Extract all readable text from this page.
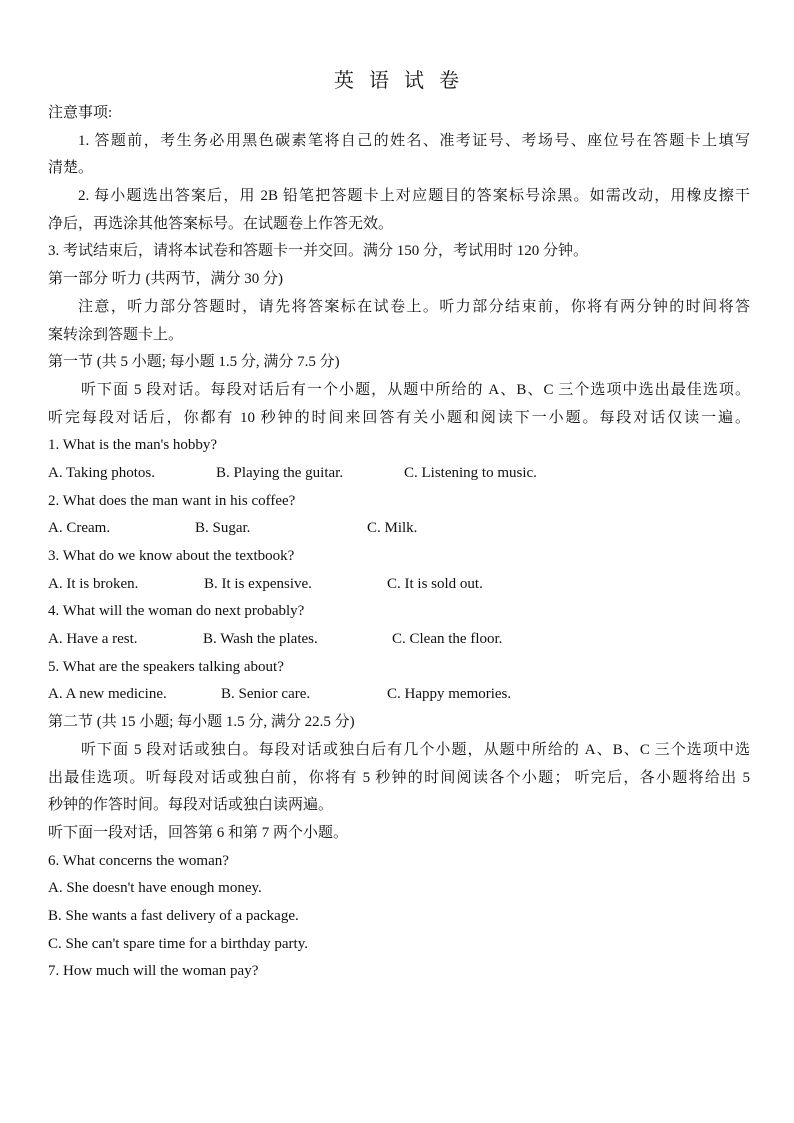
英 语 试 卷
注意事项:
1. 答题前，考生务必用黑色碳素笔将自己的姓名、准考证号、考场号、座位号在答题卡上填写
清楚。
2. 每小题选出答案后，用 2B 铅笔把答题卡上对应题目的答案标号涂黑。如需改动，用橡皮擦干
净后，再选涂其他答案标号。在试题卷上作答无效。
3. 考试结束后，请将本试卷和答题卡一并交回。满分 150 分，考试用时 120 分钟。
第一部分 听力 (共两节，满分 30 分)
注意，听力部分答题时，请先将答案标在试卷上。听力部分结束前，你将有两分钟的时间将答
案转涂到答题卡上。
第一节 (共 5 小题; 每小题 1.5 分, 满分 7.5 分)
听下面 5 段对话。每段对话后有一个小题，从题中所给的 A、B、C 三个选项中选出最佳选项。
听完每段对话后，你都有 10 秒钟的时间来回答有关小题和阅读下一小题。每段对话仅读一遍。
1. What is the man's hobby?
A. Taking photos.	B. Playing the guitar.	C. Listening to music.
2. What does the man want in his coffee?
A. Cream.	B. Sugar.	C. Milk.
3. What do we know about the textbook?
A. It is broken.	B. It is expensive.	C. It is sold out.
4. What will the woman do next probably?
A. Have a rest.	B. Wash the plates.	C. Clean the floor.
5. What are the speakers talking about?
A. A new medicine.	B. Senior care.	C. Happy memories.
第二节 (共 15 小题; 每小题 1.5 分, 满分 22.5 分)
听下面 5 段对话或独白。每段对话或独白后有几个小题，从题中所给的 A、B、C 三个选项中选
出最佳选项。听每段对话或独白前，你将有 5 秒钟的时间阅读各个小题； 听完后，各小题将给出 5
秒钟的作答时间。每段对话或独白读两遍。
听下面一段对话，回答第 6 和第 7 两个小题。
6. What concerns the woman?
A. She doesn't have enough money.
B. She wants a fast delivery of a package.
C. She can't spare time for a birthday party.
7. How much will the woman pay?
